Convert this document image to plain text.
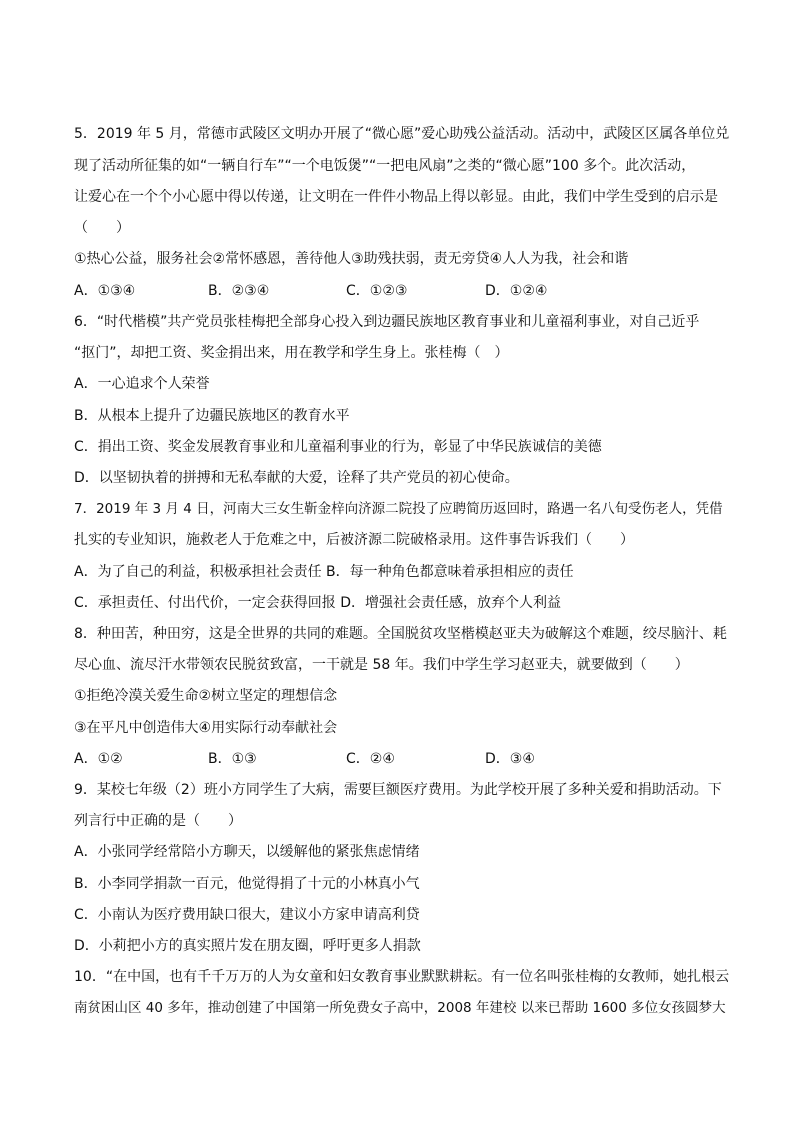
5．2019 年 5 月，常德市武陵区文明办开展了“微心愿”爱心助残公益活动。活动中，武陵区区属各单位兑
现了活动所征集的如“一辆自行车”“一个电饭煲”“一把电风扇”之类的“微心愿”100 多个。此次活动，
让爱心在一个个小心愿中得以传递，让文明在一件件小物品上得以彰显。由此，我们中学生受到的启示是
（　　）
①热心公益，服务社会②常怀感恩，善待他人③助残扶弱，责无旁贷④人人为我，社会和谐
A．①③④	B．②③④	C．①②③	D．①②④
6．“时代楷模”共产党员张桂梅把全部身心投入到边疆民族地区教育事业和儿童福利事业，对自己近乎
“抠门”，却把工资、奖金捐出来，用在教学和学生身上。张桂梅（　）
A．一心追求个人荣誉
B．从根本上提升了边疆民族地区的教育水平
C．捐出工资、奖金发展教育事业和儿童福利事业的行为，彰显了中华民族诚信的美德
D．以坚韧执着的拼搏和无私奉献的大爱，诠释了共产党员的初心使命。
7．2019 年 3 月 4 日，河南大三女生靳金梓向济源二院投了应聘简历返回时，路遇一名八旬受伤老人，凭借
扎实的专业知识，施救老人于危难之中，后被济源二院破格录用。这件事告诉我们（　　）
A．为了自己的利益，积极承担社会责任 B．每一种角色都意味着承担相应的责任
C．承担责任、付出代价，一定会获得回报 D．增强社会责任感，放弃个人利益
8．种田苦，种田穷，这是全世界的共同的难题。全国脱贫攻坚楷模赵亚夫为破解这个难题，绞尽脑汁、耗
尽心血、流尽汗水带领农民脱贫致富，一干就是 58 年。我们中学生学习赵亚夫，就要做到（　　）
①拒绝冷漠关爱生命②树立坚定的理想信念
③在平凡中创造伟大④用实际行动奉献社会
A．①②	B．①③	C．②④	D．③④
9．某校七年级（2）班小方同学生了大病，需要巨额医疗费用。为此学校开展了多种关爱和捐助活动。下
列言行中正确的是（　　）
A．小张同学经常陪小方聊天，以缓解他的紧张焦虑情绪
B．小李同学捐款一百元，他觉得捐了十元的小林真小气
C．小南认为医疗费用缺口很大，建议小方家申请高利贷
D．小莉把小方的真实照片发在朋友圈，呼吁更多人捐款
10．“在中国，也有千千万万的人为女童和妇女教育事业默默耕耘。有一位名叫张桂梅的女教师，她扎根云
南贫困山区 40 多年，推动创建了中国第一所免费女子高中，2008 年建校 以来已帮助 1600 多位女孩圆梦大
